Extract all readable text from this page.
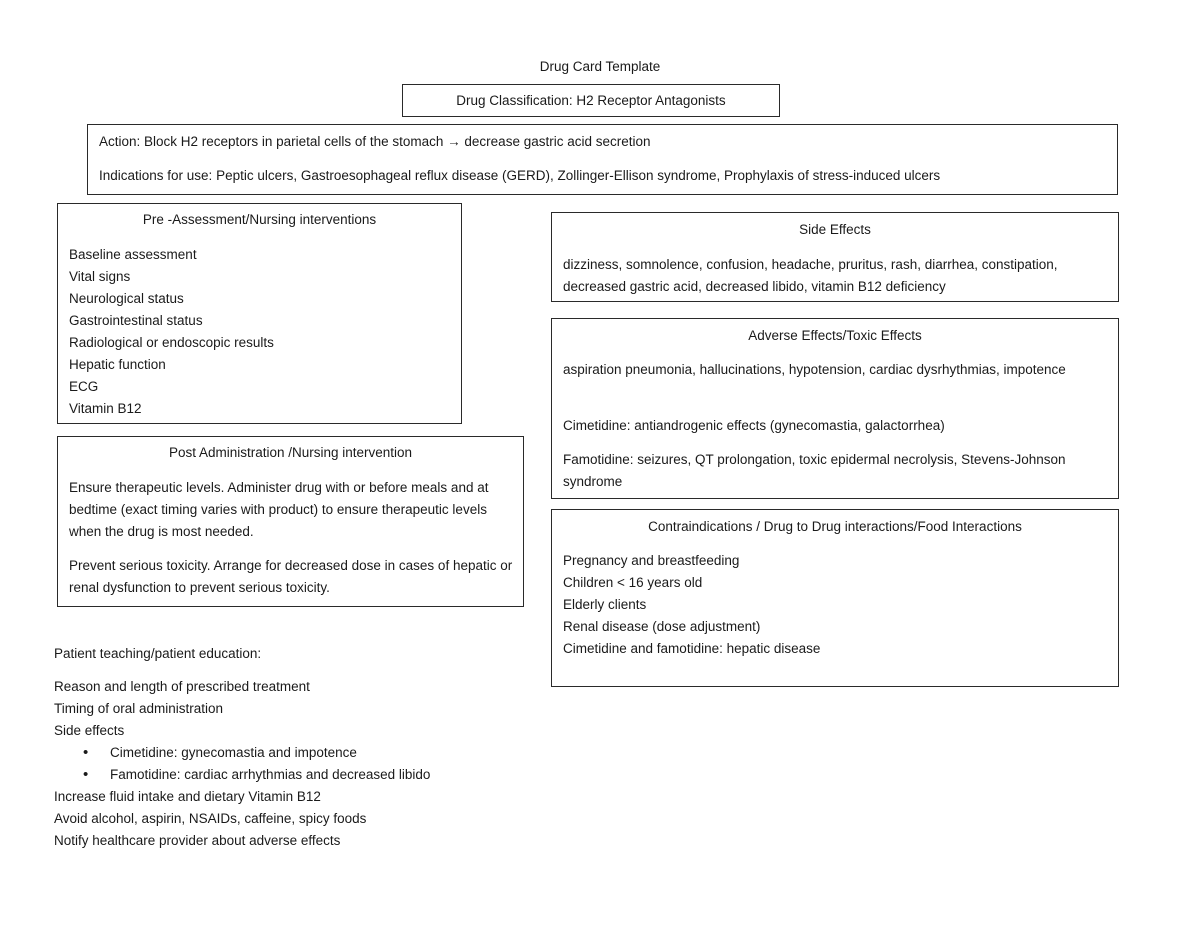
Drug Card Template
Drug Classification: H2 Receptor Antagonists
Action: Block H2 receptors in parietal cells of the stomach → decrease gastric acid secretion
Indications for use: Peptic ulcers, Gastroesophageal reflux disease (GERD), Zollinger-Ellison syndrome, Prophylaxis of stress-induced ulcers
Pre -Assessment/Nursing interventions
Baseline assessment
Vital signs
Neurological status
Gastrointestinal status
Radiological or endoscopic results
Hepatic function
ECG
Vitamin B12
Post Administration /Nursing intervention
Ensure therapeutic levels. Administer drug with or before meals and at bedtime (exact timing varies with product) to ensure therapeutic levels when the drug is most needed.
Prevent serious toxicity. Arrange for decreased dose in cases of hepatic or renal dysfunction to prevent serious toxicity.
Side Effects
dizziness, somnolence, confusion, headache, pruritus, rash, diarrhea, constipation, decreased gastric acid, decreased libido, vitamin B12 deficiency
Adverse Effects/Toxic Effects
aspiration pneumonia, hallucinations, hypotension, cardiac dysrhythmias, impotence
Cimetidine: antiandrogenic effects (gynecomastia, galactorrhea)
Famotidine: seizures, QT prolongation, toxic epidermal necrolysis, Stevens-Johnson syndrome
Contraindications / Drug to Drug interactions/Food Interactions
Pregnancy and breastfeeding
Children < 16 years old
Elderly clients
Renal disease (dose adjustment)
Cimetidine and famotidine: hepatic disease
Patient teaching/patient education:
Reason and length of prescribed treatment
Timing of oral administration
Side effects
• Cimetidine: gynecomastia and impotence
• Famotidine: cardiac arrhythmias and decreased libido
Increase fluid intake and dietary Vitamin B12
Avoid alcohol, aspirin, NSAIDs, caffeine, spicy foods
Notify healthcare provider about adverse effects
